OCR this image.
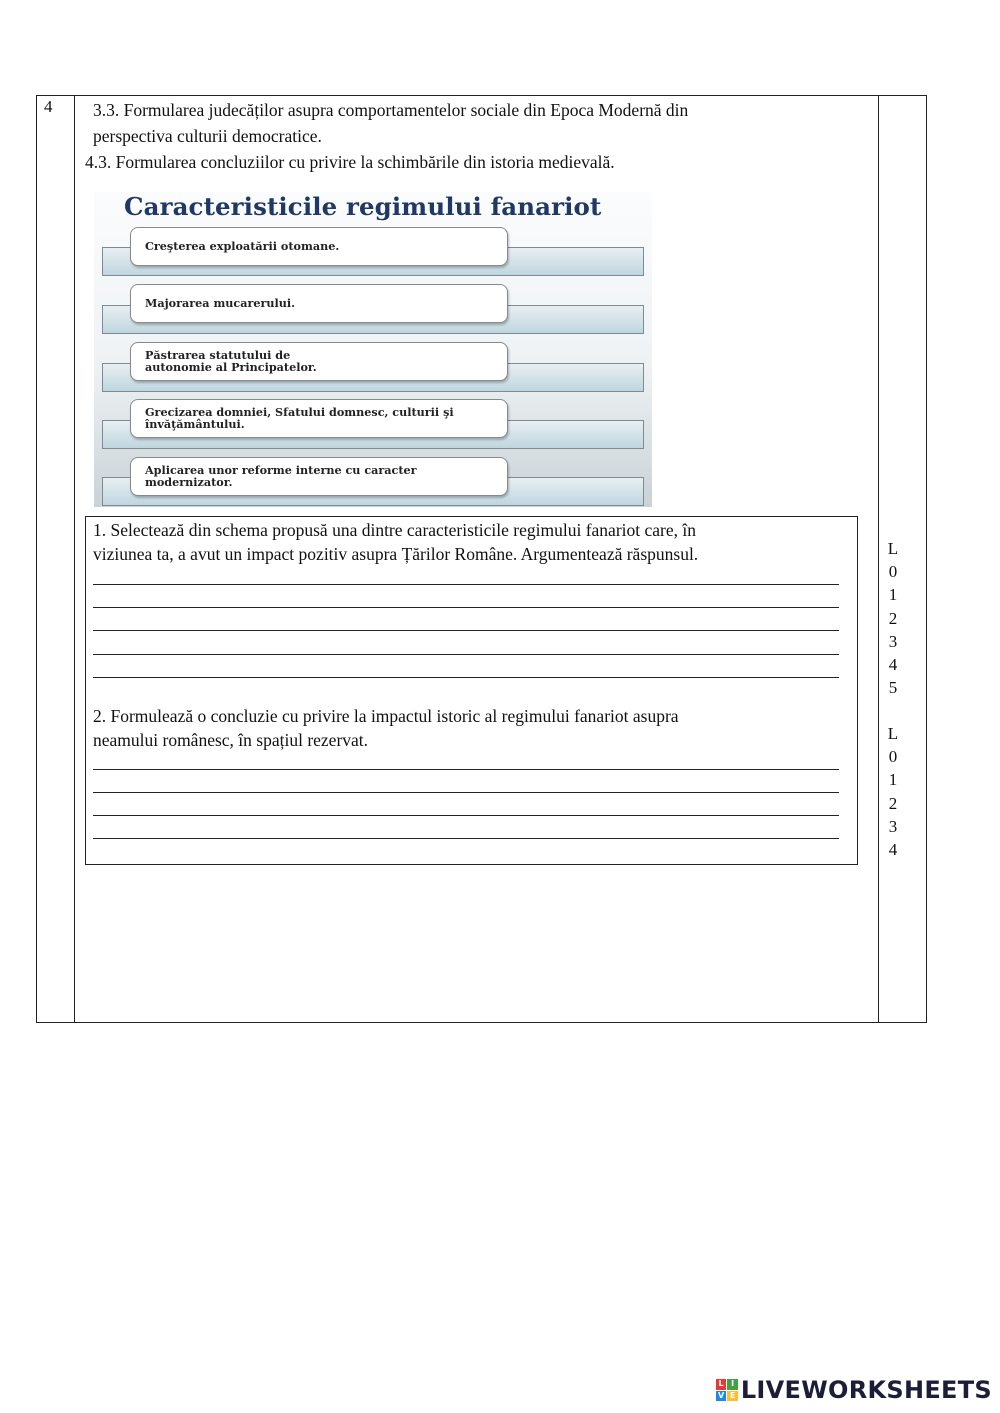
4 3.3. Formularea judecăților asupra comportamentelor sociale din Epoca Modernă din
perspectiva culturii democratice.
4.3. Formularea concluziilor cu privire la schimbările din istoria medievală.
Caracteristicile regimului fanariot
Creşterea exploatării otomane.
Majorarea mucarerului.
Păstrarea statutului de autonomie al Principatelor.
Grecizarea domniei, Sfatului domnesc, culturii şi învăţământului.
Aplicarea unor reforme interne cu caracter modernizator.
1. Selectează din schema propusă una dintre caracteristicile regimului fanariot care, în
viziunea ta, a avut un impact pozitiv asupra Țărilor Române. Argumentează răspunsul.
2. Formulează o concluzie cu privire la impactul istoric al regimului fanariot asupra
neamului românesc, în spațiul rezervat.
L
0
1
2
3
4
5
L
0
1
2
3
4
L I
V E LIVEWORKSHEETS
